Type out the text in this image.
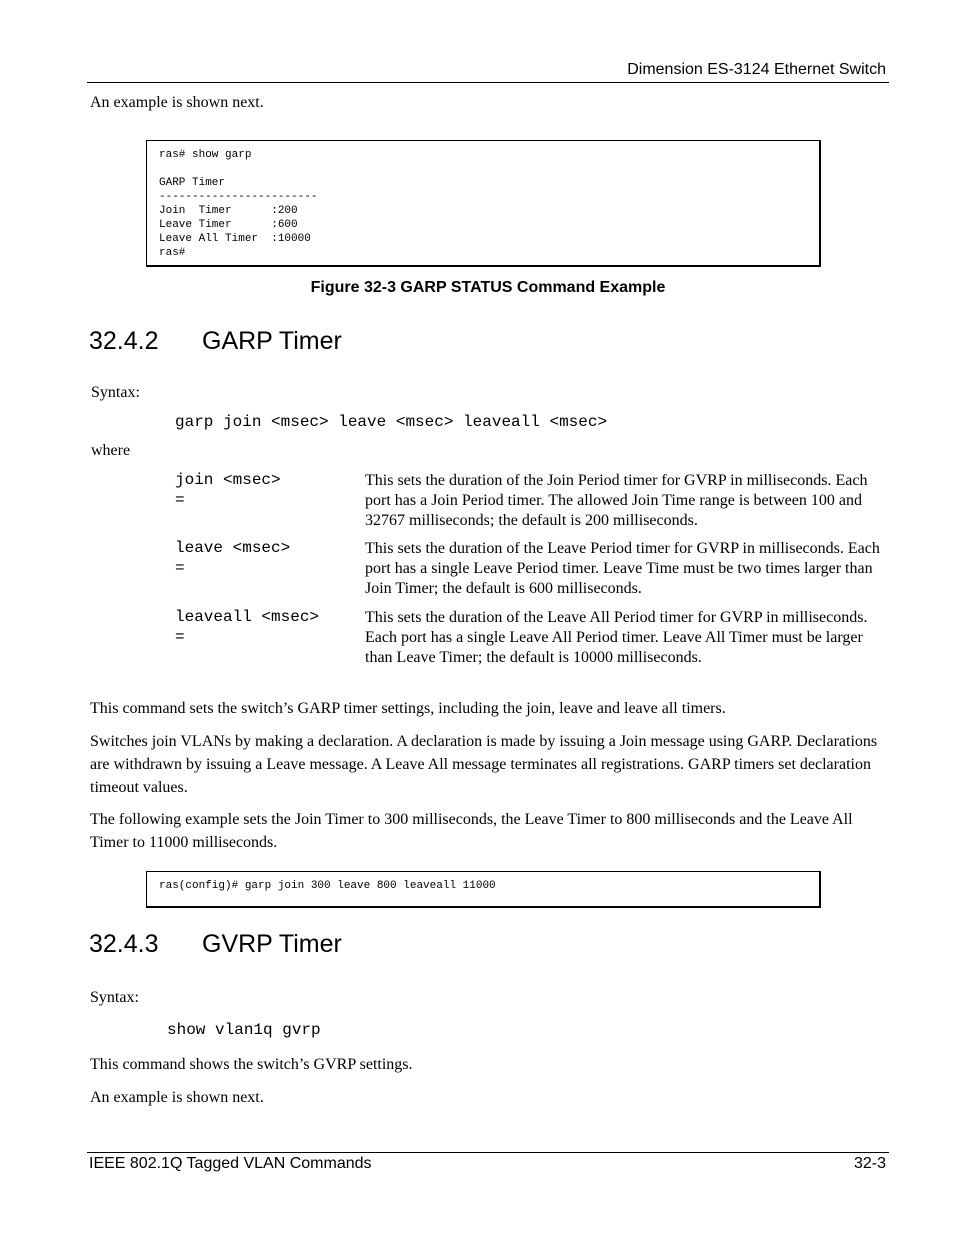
Dimension ES-3124 Ethernet Switch
An example is shown next.
ras# show garp

GARP Timer
------------------------
Join  Timer      :200
Leave Timer      :600
Leave All Timer  :10000
ras#
Figure 32-3 GARP STATUS Command Example
32.4.2 GARP Timer
Syntax:
garp join <msec> leave <msec> leaveall <msec>
where
join <msec>
=
This sets the duration of the Join Period timer for GVRP in milliseconds. Each port has a Join Period timer. The allowed Join Time range is between 100 and 32767 milliseconds; the default is 200 milliseconds.
leave <msec>
=
This sets the duration of the Leave Period timer for GVRP in milliseconds. Each port has a single Leave Period timer. Leave Time must be two times larger than Join Timer; the default is 600 milliseconds.
leaveall <msec>
=
This sets the duration of the Leave All Period timer for GVRP in milliseconds. Each port has a single Leave All Period timer. Leave All Timer must be larger than Leave Timer; the default is 10000 milliseconds.
This command sets the switch’s GARP timer settings, including the join, leave and leave all timers.
Switches join VLANs by making a declaration. A declaration is made by issuing a Join message using GARP. Declarations are withdrawn by issuing a Leave message. A Leave All message terminates all registrations. GARP timers set declaration timeout values.
The following example sets the Join Timer to 300 milliseconds, the Leave Timer to 800 milliseconds and the Leave All Timer to 11000 milliseconds.
ras(config)# garp join 300 leave 800 leaveall 11000
32.4.3 GVRP Timer
Syntax:
show vlan1q gvrp
This command shows the switch’s GVRP settings.
An example is shown next.
IEEE 802.1Q Tagged VLAN Commands	32-3
